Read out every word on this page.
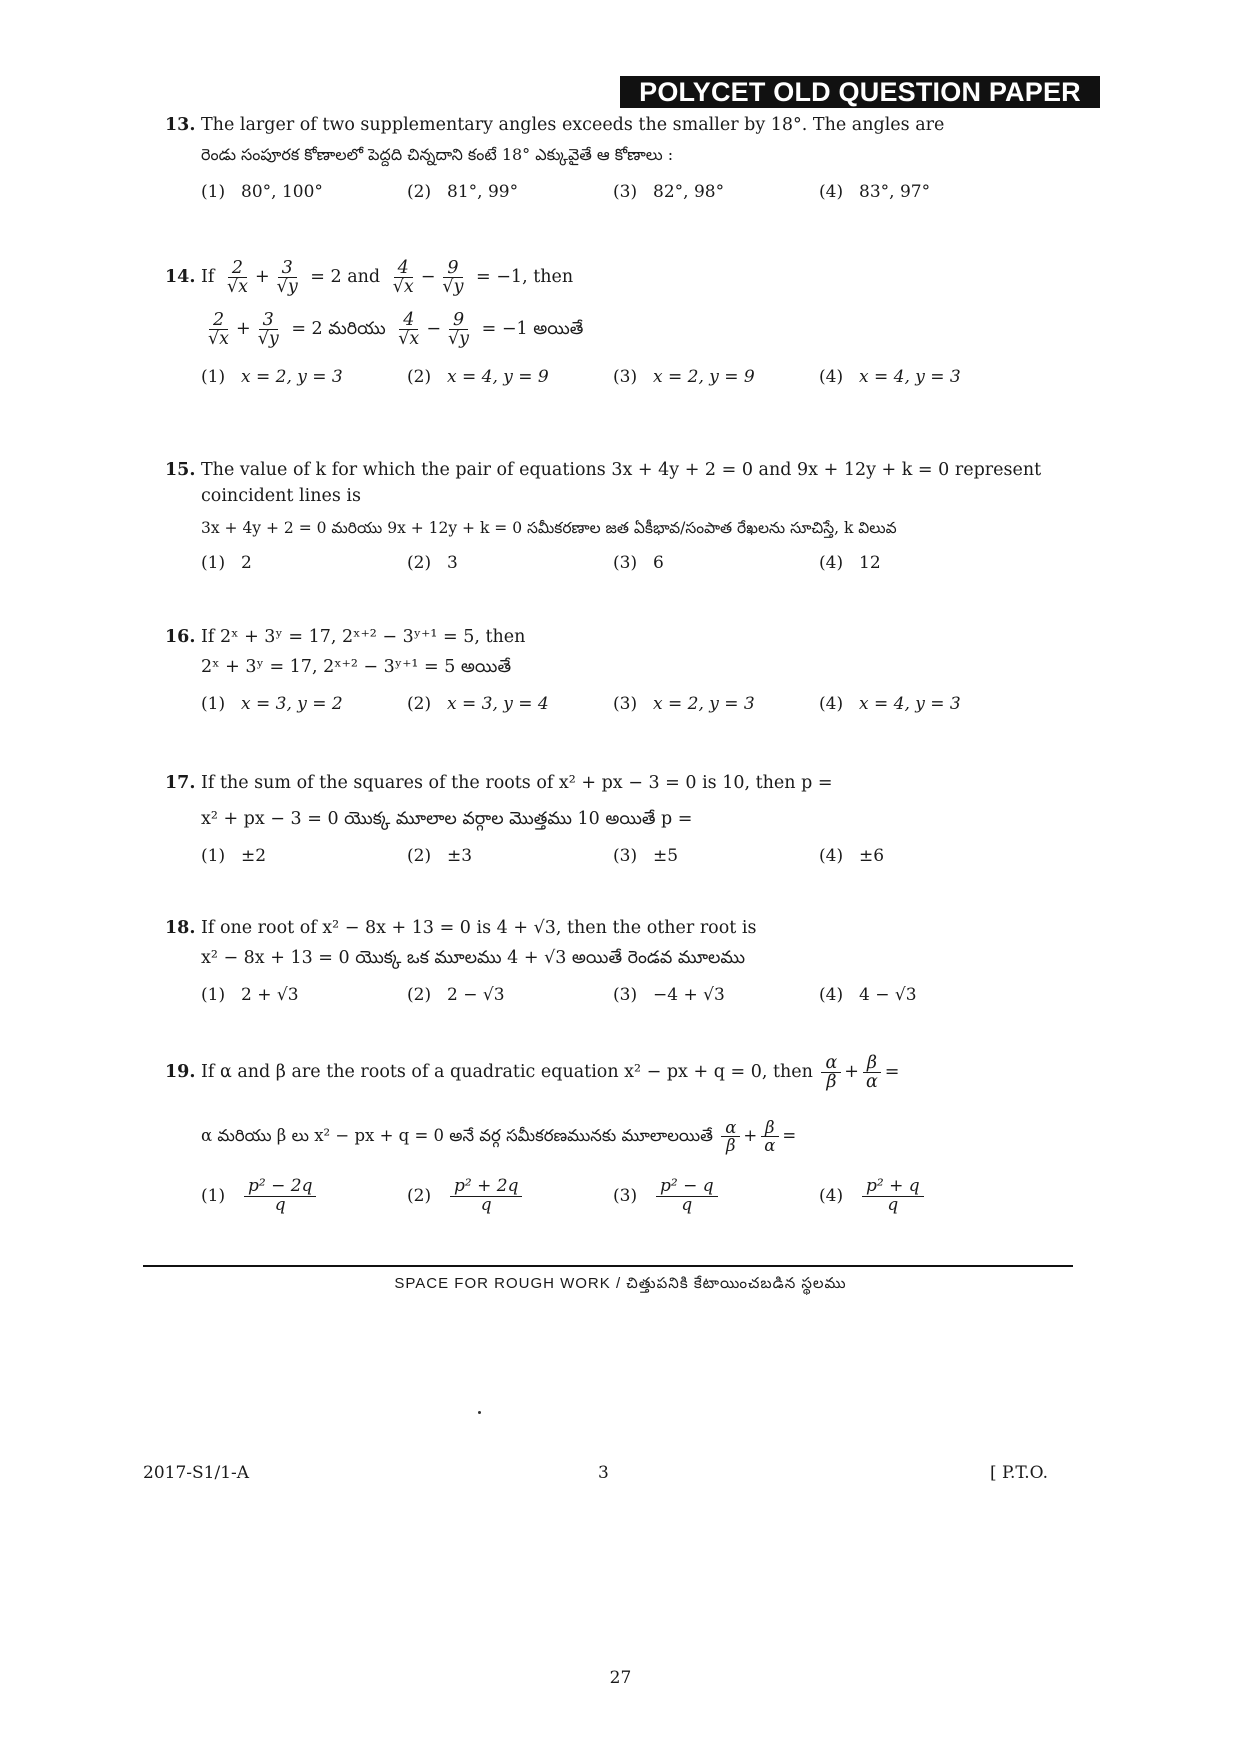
POLYCET OLD QUESTION PAPER
13. The larger of two supplementary angles exceeds the smaller by 18°. The angles are
రెండు సంపూరక కోణాలలో పెద్దది చిన్నదాని కంటే 18° ఎక్కువైతే ఆ కోణాలు :
(1) 80°, 100°	(2) 81°, 99°	(3) 82°, 98°	(4) 83°, 97°
14. If $\frac{2}{√x} + \frac{3}{√y} = 2$ and $\frac{4}{√x} - \frac{9}{√y} = -1$, then
$\frac{2}{√x} + \frac{3}{√y} = 2$ మరియు $\frac{4}{√x} - \frac{9}{√y} = -1$ అయితే
(1) x = 2, y = 3	(2) x = 4, y = 9	(3) x = 2, y = 9	(4) x = 4, y = 3
15. The value of k for which the pair of equations 3x + 4y + 2 = 0 and 9x + 12y + k = 0 represent
coincident lines is
3x + 4y + 2 = 0 మరియు 9x + 12y + k = 0 సమీకరణాల జత ఏకీభావ/సంపాత రేఖలను సూచిస్తే, k విలువ
(1) 2	(2) 3	(3) 6	(4) 12
16. If 2ˣ + 3ʸ = 17, 2ˣ⁺² − 3ʸ⁺¹ = 5, then
2ˣ + 3ʸ = 17, 2ˣ⁺² − 3ʸ⁺¹ = 5 అయితే
(1) x = 3, y = 2	(2) x = 3, y = 4	(3) x = 2, y = 3	(4) x = 4, y = 3
17. If the sum of the squares of the roots of x² + px − 3 = 0 is 10, then p =
x² + px − 3 = 0 యొక్క మూలాల వర్గాల మొత్తము 10 అయితే p =
(1) ±2	(2) ±3	(3) ±5	(4) ±6
18. If one root of x² − 8x + 13 = 0 is 4 + √3, then the other root is
x² − 8x + 13 = 0 యొక్క ఒక మూలము 4 + √3 అయితే రెండవ మూలము
(1) 2 + √3	(2) 2 − √3	(3) −4 + √3	(4) 4 − √3
19. If α and β are the roots of a quadratic equation x² − px + q = 0, then $\frac{\alpha}{\beta} + \frac{\beta}{\alpha}$ =
α మరియు β లు x² − px + q = 0 అనే వర్గ సమీకరణమునకు మూలాలయితే $\frac{\alpha}{\beta} + \frac{\beta}{\alpha}$ =
$(1) \frac{\text{p² − 2q}}{q}$	$(2) \frac{\text{p² + 2q}}{q}$	$(3) \frac{\text{p² − q}}{q}$	$(4) \frac{\text{p² + q}}{q}$
SPACE FOR ROUGH WORK / చిత్తుపనికి కేటాయించబడిన స్థలము
2017-S1/1-A	3	[ P.T.O.
27
